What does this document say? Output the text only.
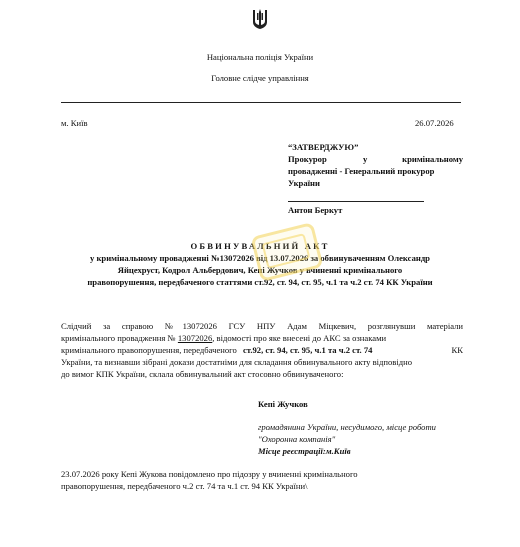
Національна поліція України
Головне слідче управління
м. Київ	26.07.2026
“ЗАТВЕРДЖУЮ”
Прокурор	у	кримінальному
провадженні - Генеральний прокурор
України
Антон Беркут
ОБВИНУВАЛЬНИЙ АКТ
у кримінальному провадженні №13072026 від 13.07.2026 за обвинуваченням Олександр
Яйцехруст, Кодрол Альбердович, Кепі Жучков у вчиненні кримінального
правопорушення, передбаченого статтями ст.92, ст. 94, ст. 95, ч.1 та ч.2 ст. 74 КК України
Слідчий за справою №13072026 ГСУ НПУ Адам Міцкевич, розглянувши матеріали
кримінального провадження № 13072026, відомості про яке внесені до АКС за ознаками
кримінального правопорушення, передбаченого ст.92, ст. 94, ст. 95, ч.1 та ч.2 ст. 74	КК
України, та визнавши зібрані докази достатніми для складання обвинувального акту відповідно
до вимог КПК України, склала обвинувальний акт стосовно обвинуваченого:
Кепі Жучков
громадянина України, несудимого, місце роботи
"Охоронна компанія"
Місце реєстрації:м.Київ
23.07.2026 року Кепі Жукова повідомлено про підозру у вчиненні кримінального
правопорушення, передбаченого ч.2 ст. 74 та ч.1 ст. 94 КК України\
